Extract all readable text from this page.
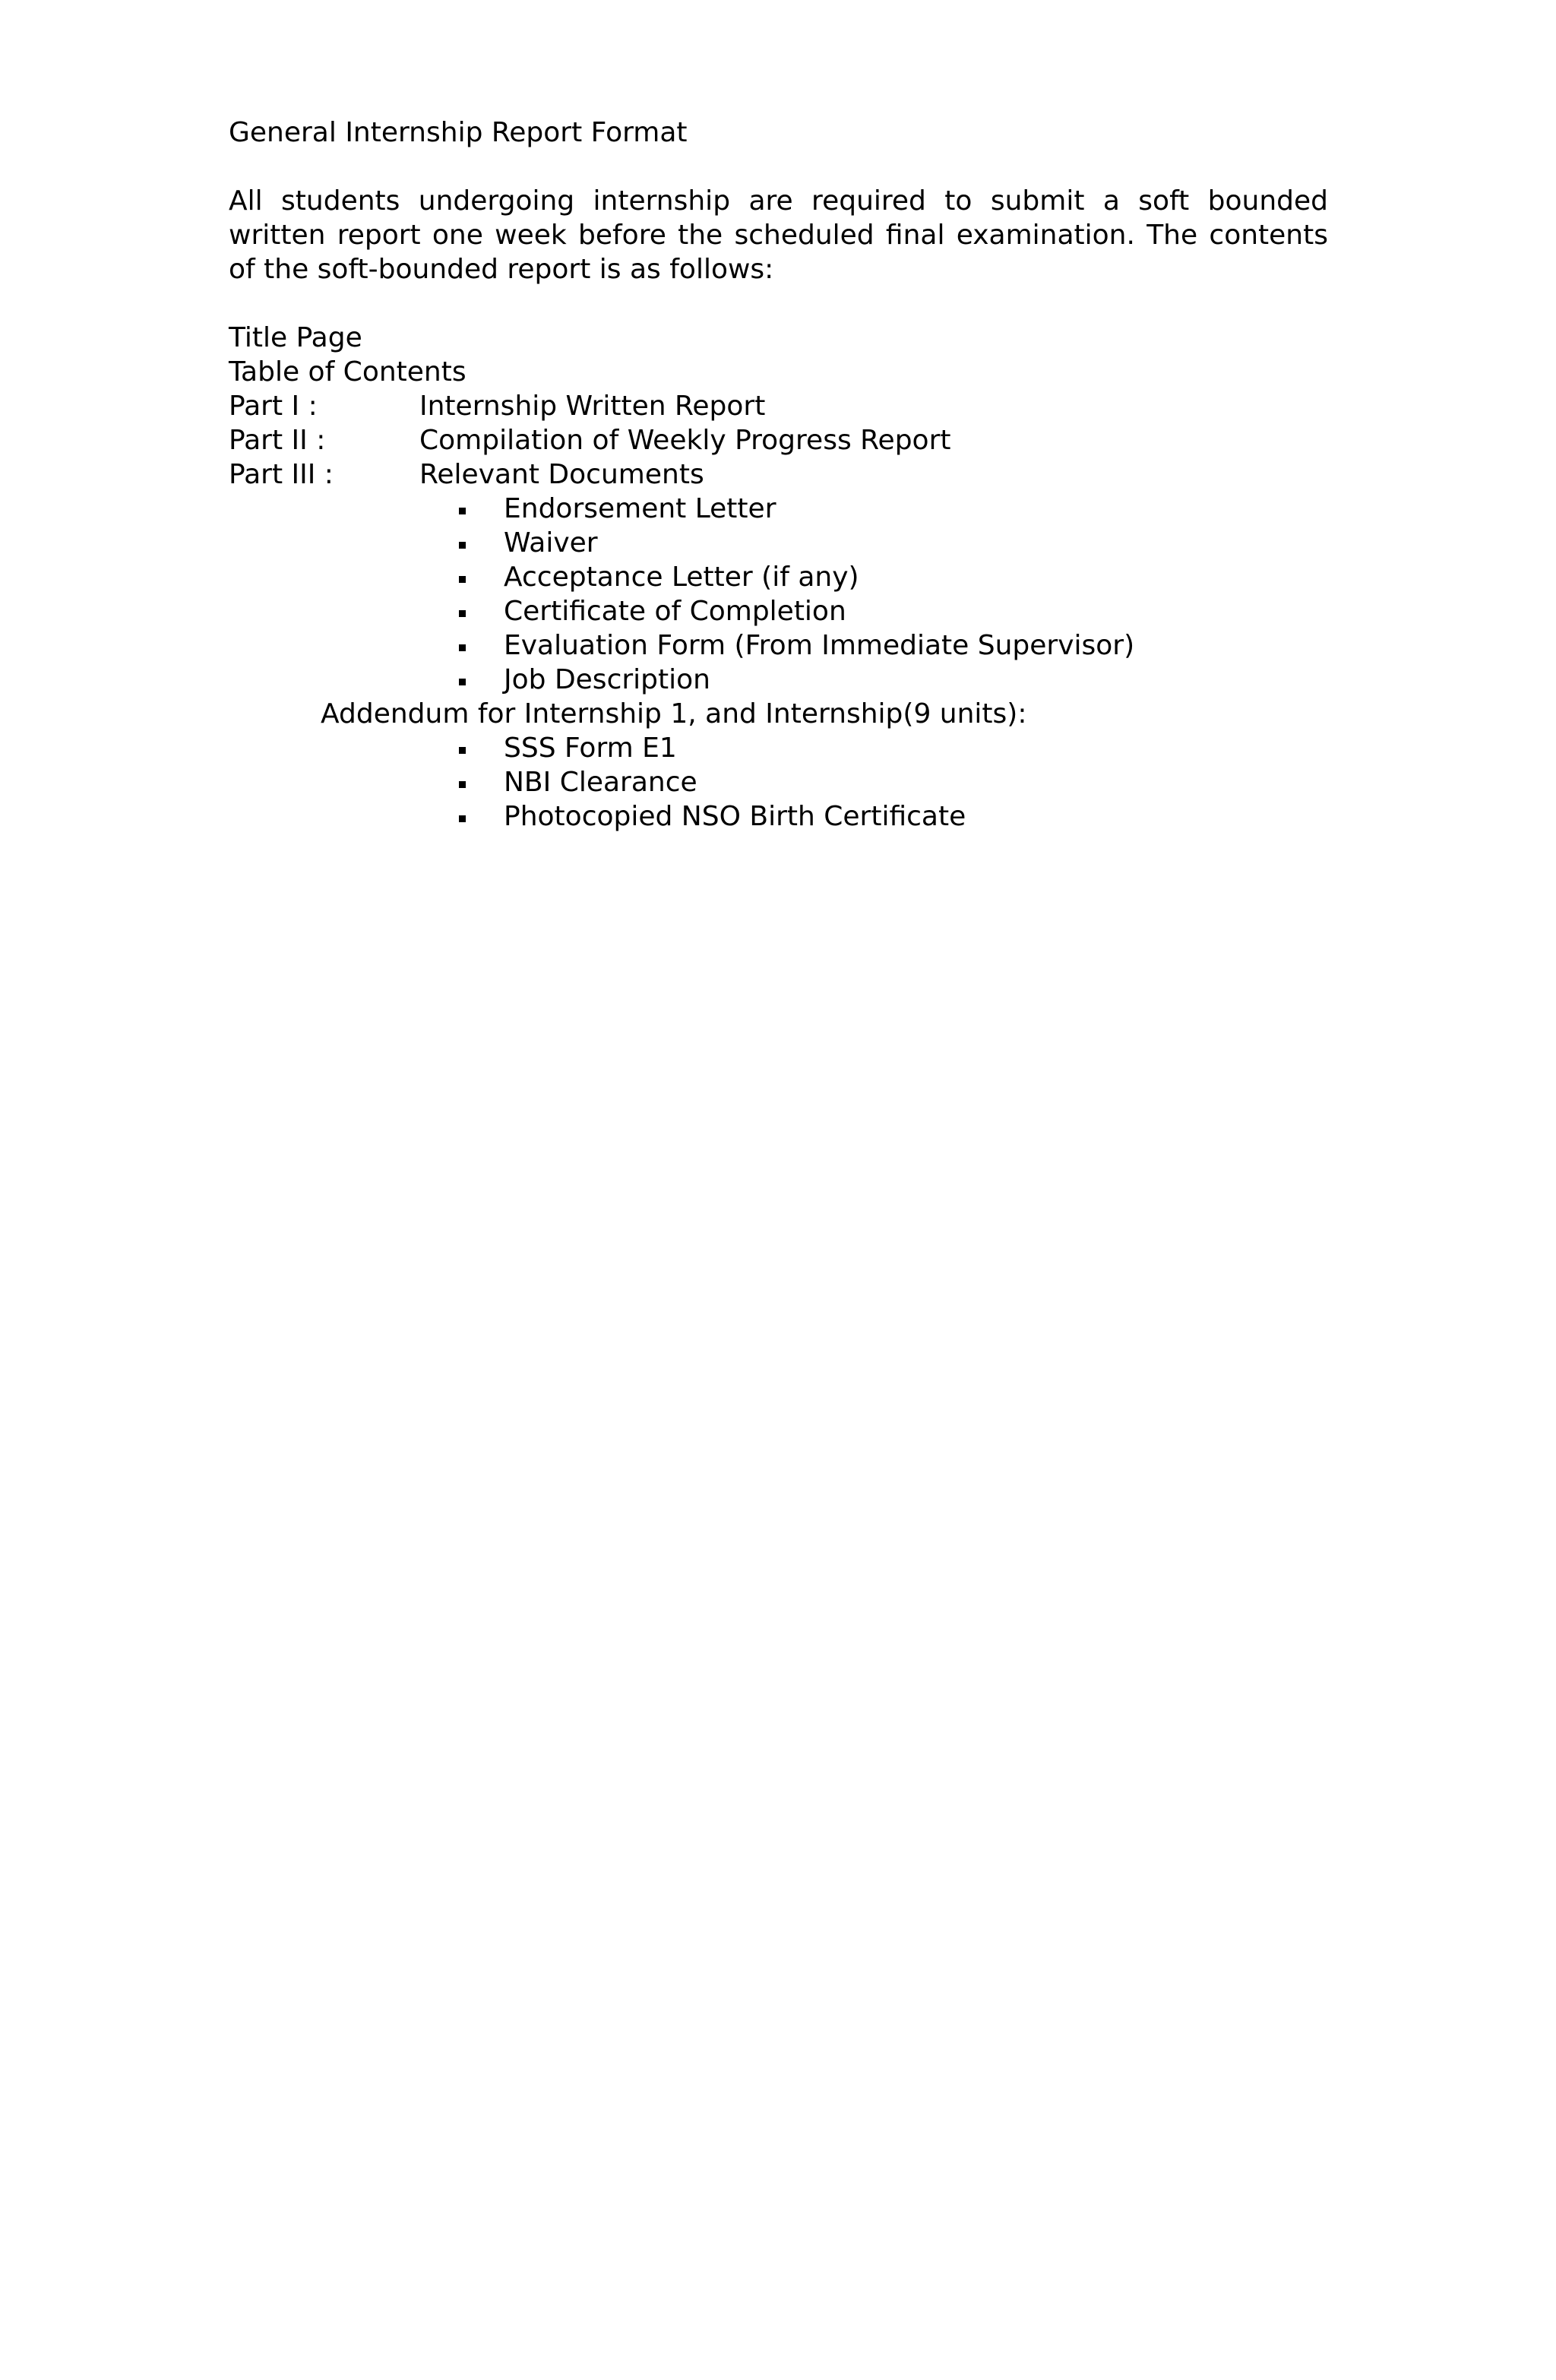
General Internship Report Format
All students undergoing internship are required to submit a soft bounded written report one week before the scheduled final examination. The contents of the soft-bounded report is as follows:
Title Page
Table of Contents
Part I :	Internship Written Report
Part II :	Compilation of Weekly Progress Report
Part III :	Relevant Documents
Endorsement Letter
Waiver
Acceptance Letter (if any)
Certificate of Completion
Evaluation Form (From Immediate Supervisor)
Job Description
Addendum for Internship 1, and Internship(9 units):
SSS Form E1
NBI Clearance
Photocopied NSO Birth Certificate
